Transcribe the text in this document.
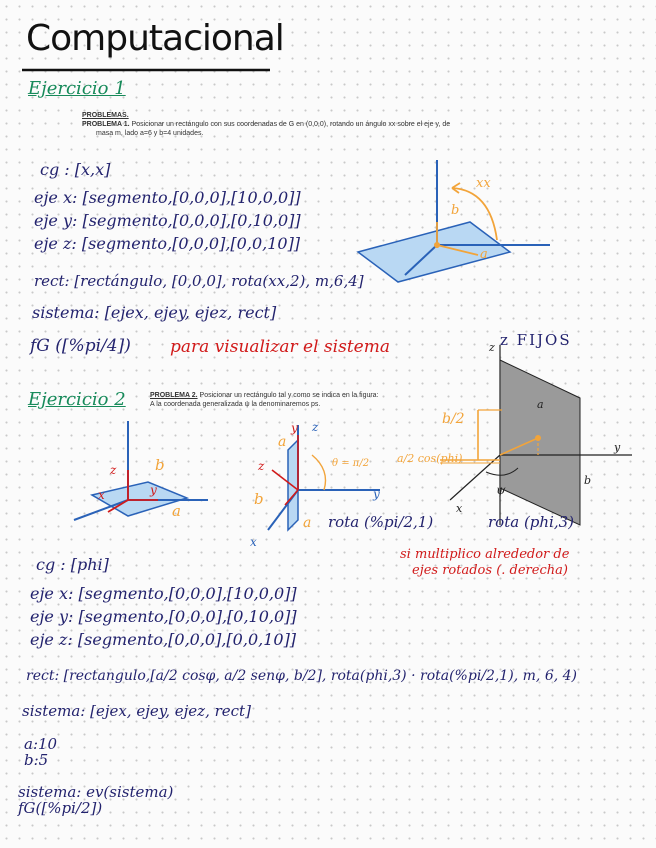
Computacional
Ejercicio 1
PROBLEMAS.
PROBLEMA 1. Posicionar un rectángulo con sus coordenadas de G en (0,0,0), rotando un ángulo xx sobre el eje y, de
masa m, lado a=6 y b=4 unidades.
cg : [x,x]
eje x: [segmento,[0,0,0],[10,0,0]]
eje y: [segmento,[0,0,0],[0,10,0]]
eje z: [segmento,[0,0,0],[0,0,10]]
rect: [rectángulo, [0,0,0], rota(xx,2), m,6,4]
sistema: [ejex, ejey, ejez, rect]
fG ([%pi/4]) para visualizar el sistema
xx
b
a
z FIJOS
Ejercicio 2	PROBLEMA 2. Posicionar un rectángulo tal y como se indica en la figura:
A la coordenada generalizada ψ la denominaremos ps.
z
a
y
b
x
ψ
b/2
a/2 cos(phi)
rota (phi,3)
z
y
x
b
a
a
y z
z	θ = π/2
y
b
a
x
rota (%pi/2,1)
si multiplico alrededor de
ejes rotados (. derecha)
cg : [phi]
eje x: [segmento,[0,0,0],[10,0,0]]
eje y: [segmento,[0,0,0],[0,10,0]]
eje z: [segmento,[0,0,0],[0,0,10]]
rect: [rectangulo,[a/2 cosφ, a/2 senφ, b/2], rota(phi,3) · rota(%pi/2,1), m, 6, 4)
sistema: [ejex, ejey, ejez, rect]
a:10
b:5
sistema: ev(sistema)
fG([%pi/2])
